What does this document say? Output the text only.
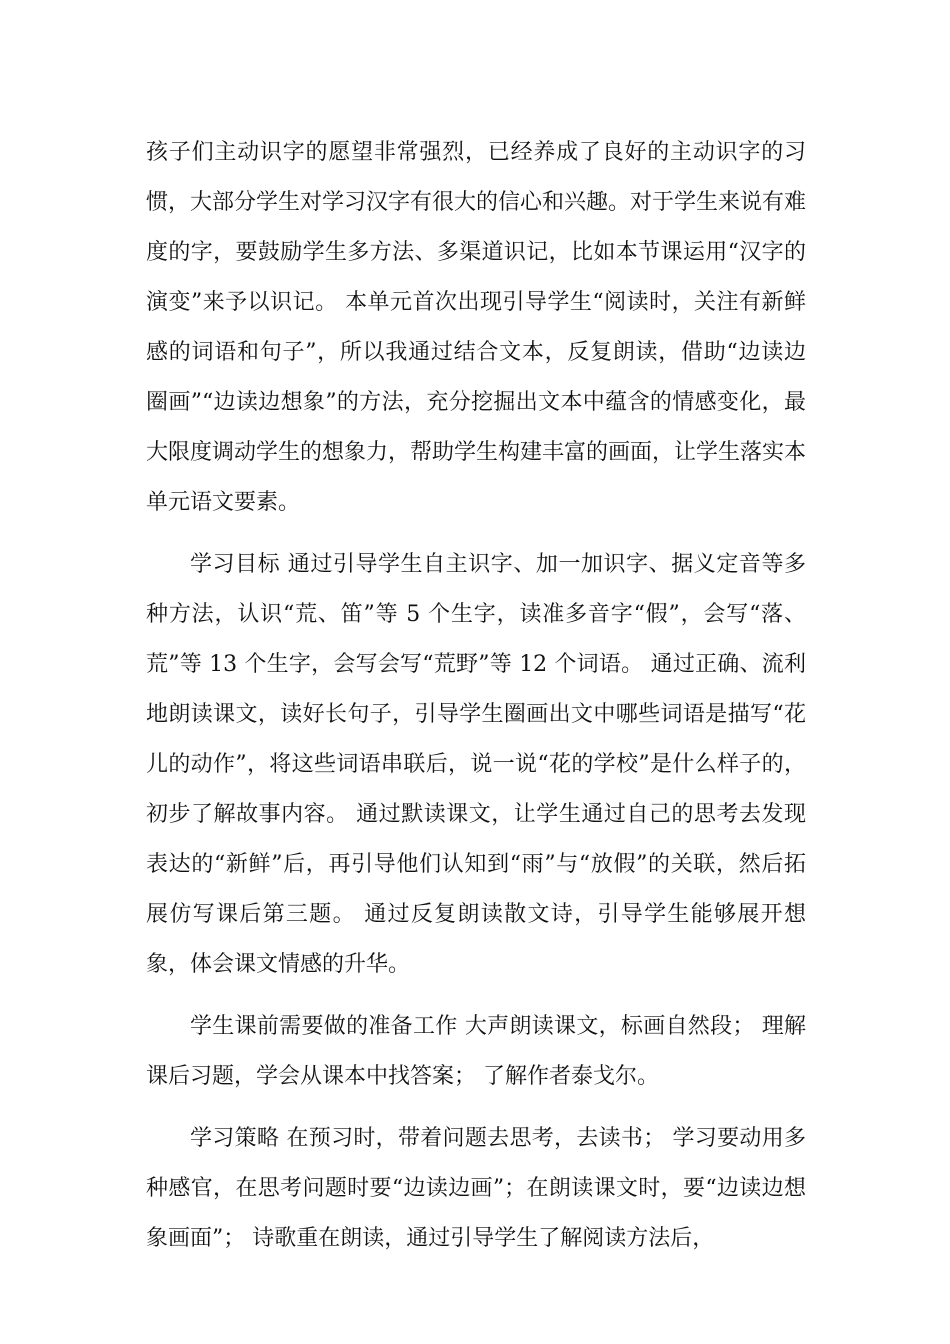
孩子们主动识字的愿望非常强烈，已经养成了良好的主动识字的习惯，大部分学生对学习汉字有很大的信心和兴趣。对于学生来说有难度的字，要鼓励学生多方法、多渠道识记，比如本节课运用“汉字的演变”来予以识记。 本单元首次出现引导学生“阅读时，关注有新鲜感的词语和句子”，所以我通过结合文本，反复朗读，借助“边读边圈画”“边读边想象”的方法，充分挖掘出文本中蕴含的情感变化，最大限度调动学生的想象力，帮助学生构建丰富的画面，让学生落实本单元语文要素。

学习目标 通过引导学生自主识字、加一加识字、据义定音等多种方法，认识“荒、笛”等 5 个生字，读准多音字“假”，会写“落、荒”等 13 个生字，会写会写“荒野”等 12 个词语。 通过正确、流利地朗读课文，读好长句子，引导学生圈画出文中哪些词语是描写“花儿的动作”，将这些词语串联后，说一说“花的学校”是什么样子的，初步了解故事内容。 通过默读课文，让学生通过自己的思考去发现表达的“新鲜”后，再引导他们认知到“雨”与“放假”的关联，然后拓展仿写课后第三题。 通过反复朗读散文诗，引导学生能够展开想象，体会课文情感的升华。

学生课前需要做的准备工作 大声朗读课文，标画自然段； 理解课后习题，学会从课本中找答案； 了解作者泰戈尔。

学习策略 在预习时，带着问题去思考，去读书； 学习要动用多种感官，在思考问题时要“边读边画”；在朗读课文时，要“边读边想象画面”； 诗歌重在朗读，通过引导学生了解阅读方法后，
